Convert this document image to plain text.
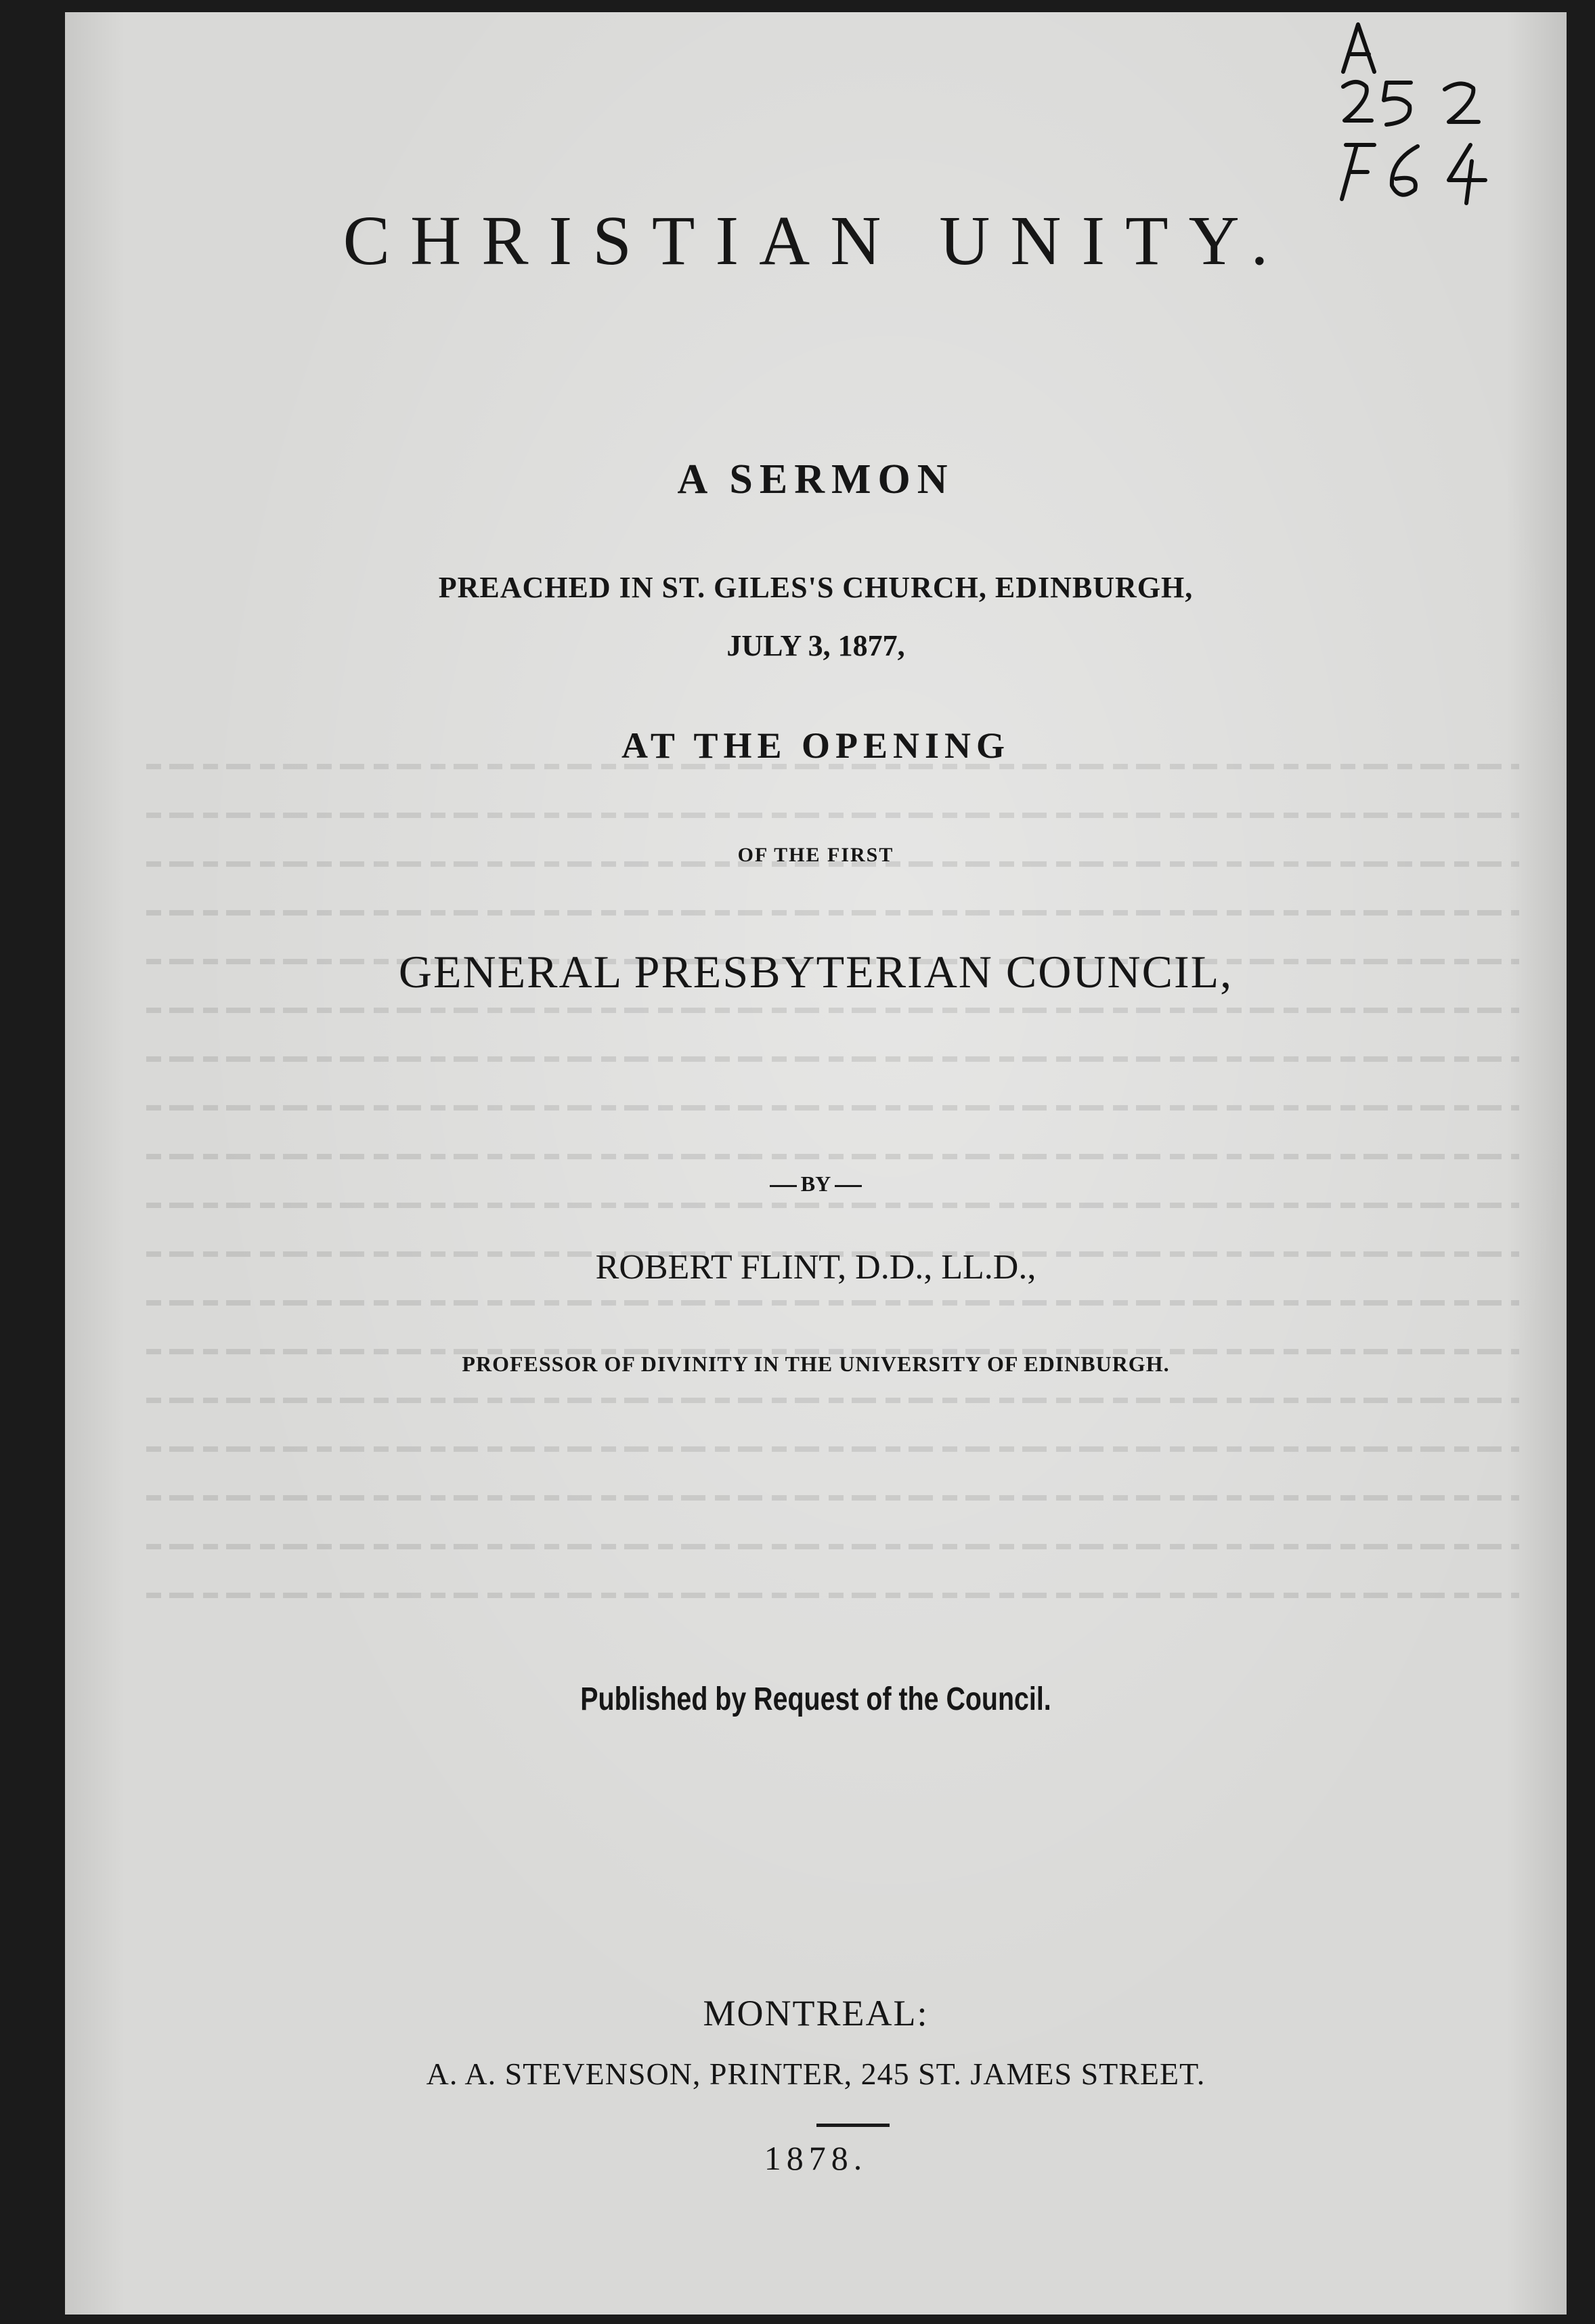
CHRISTIAN UNITY.
A SERMON
PREACHED IN ST. GILES'S CHURCH, EDINBURGH,
JULY 3, 1877,
AT THE OPENING
OF THE FIRST
GENERAL PRESBYTERIAN COUNCIL,
BY
ROBERT FLINT, D.D., LL.D.,
PROFESSOR OF DIVINITY IN THE UNIVERSITY OF EDINBURGH.
Published by Request of the Council.
MONTREAL:
A. A. STEVENSON, PRINTER, 245 ST. JAMES STREET.
1878.
